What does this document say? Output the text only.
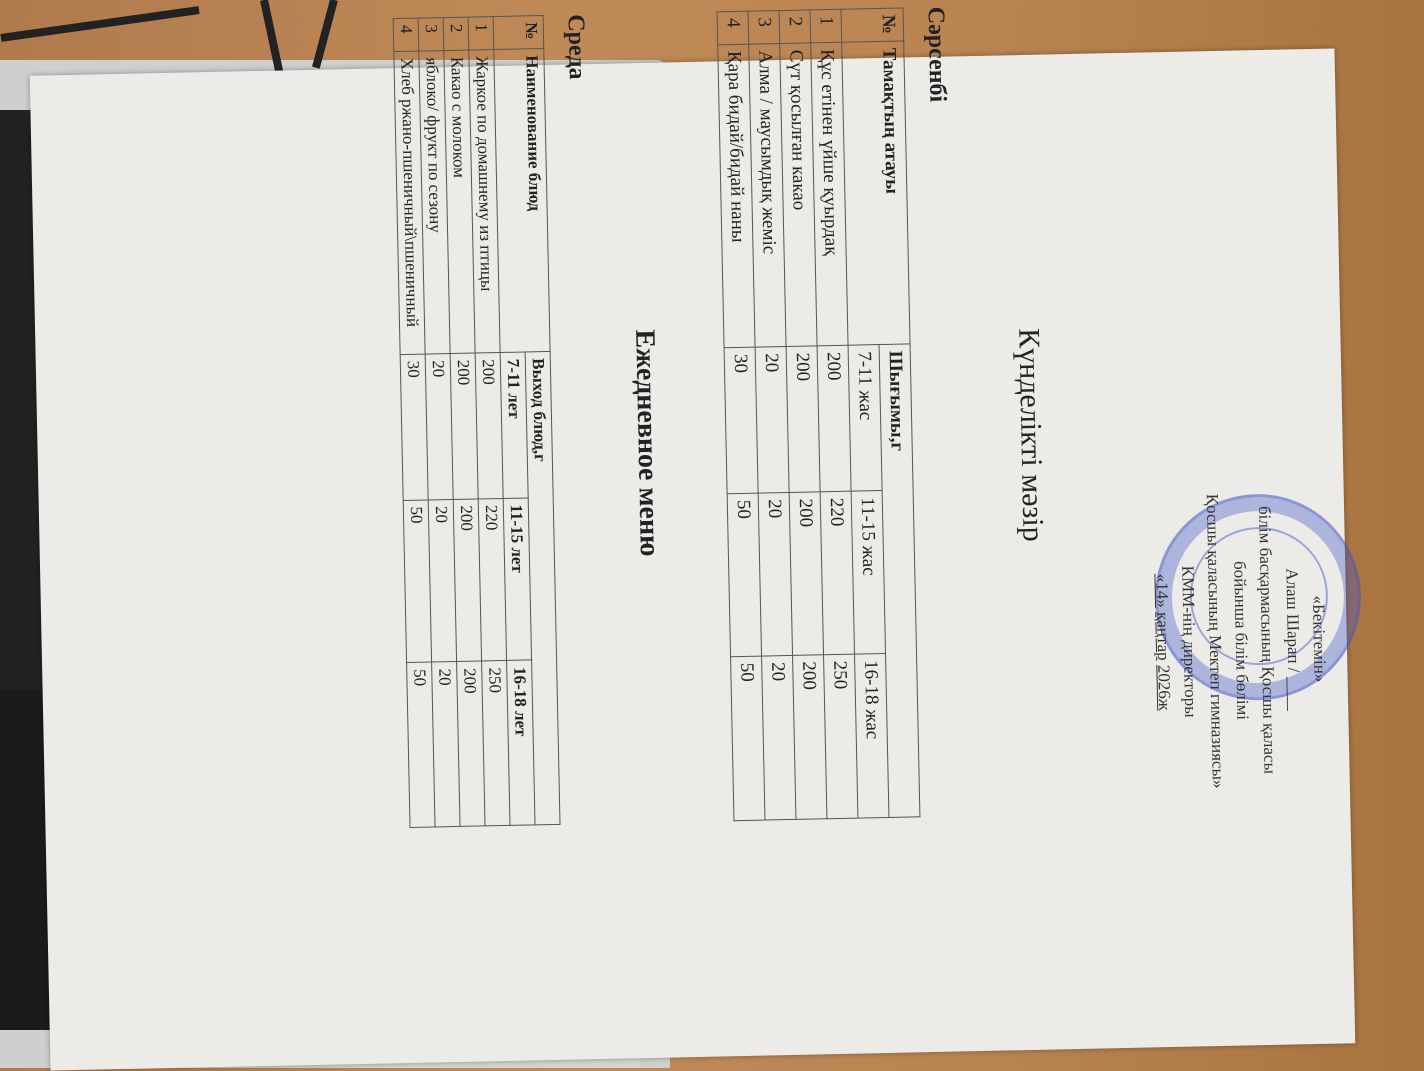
«Бекітемін»
Алаш Шарап / ____
білім басқармасының Қосшы қаласы
бойынша білім бөлімі
Қосшы қаласының Мектеп гимназиясы»
КММ-нің директоры
«14» қаңтар 2026ж
Күнделікті мәзір
Сәрсенбі
№	Тамақтың атауы	Шығымы,г		
		7-11 жас	11-15 жас	16-18 жас
1	Құс етінен үйше қуырдақ	200	220	250
2	Сүт қосылған какао	200	200	200
3	Алма / маусымдық жеміс	20	20	20
4	Қара бидай/бидай наны	30	50	50
Ежедневное меню
Среда
№	Наименование блюд	Выход блюд,г		
		7-11 лет	11-15 лет	16-18 лет
1	Жаркое по домашнему из птицы	200	220	250
2	Какао с молоком	200	200	200
3	яблоко/ фрукт по сезону	20	20	20
4	Хлеб ржано-пшеничный\пшеничный	30	50	50
